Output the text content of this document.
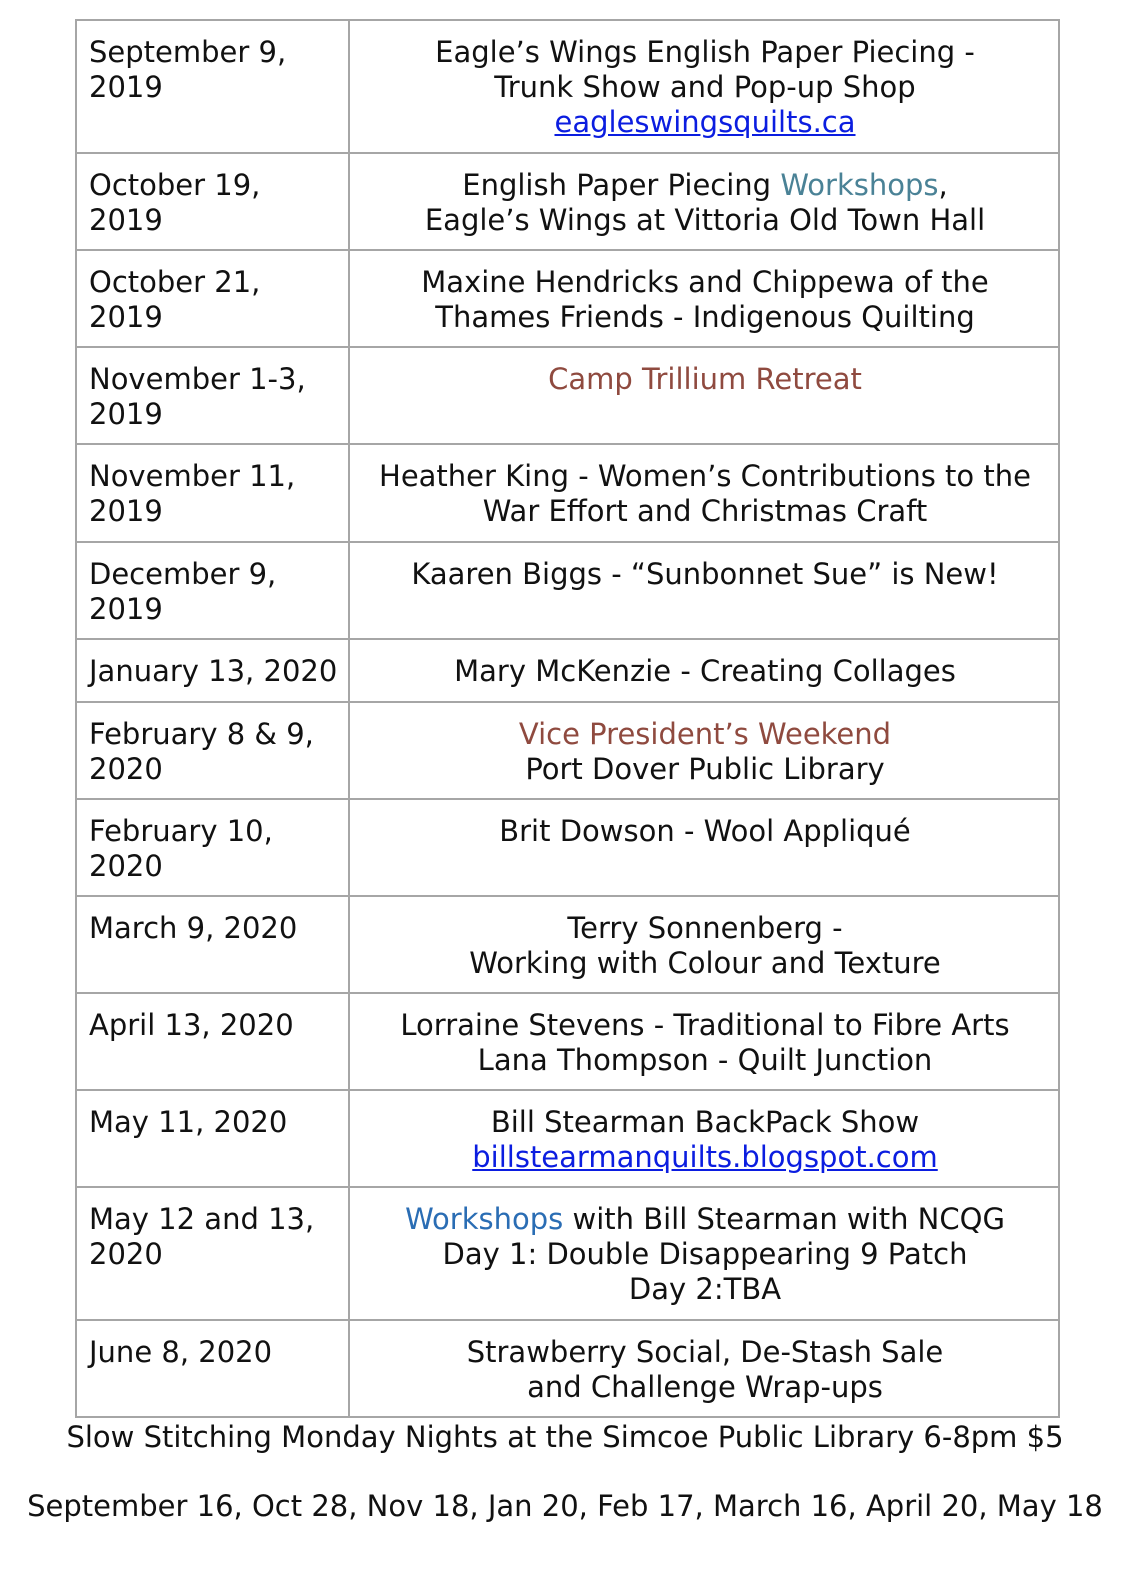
September 9, 2019	Eagle’s Wings English Paper Piecing -
Trunk Show and Pop-up Shop
eagleswingsquilts.ca

October 19, 2019	English Paper Piecing Workshops,
Eagle’s Wings at Vittoria Old Town Hall

October 21, 2019	Maxine Hendricks and Chippewa of the
Thames Friends - Indigenous Quilting

November 1-3, 2019	Camp Trillium Retreat

November 11, 2019	Heather King - Women’s Contributions to the
War Effort and Christmas Craft

December 9, 2019	Kaaren Biggs - “Sunbonnet Sue” is New!

January 13, 2020	Mary McKenzie - Creating Collages

February 8 & 9, 2020	Vice President’s Weekend
Port Dover Public Library

February 10, 2020	Brit Dowson - Wool Appliqué

March 9, 2020	Terry Sonnenberg -
Working with Colour and Texture

April 13, 2020	Lorraine Stevens - Traditional to Fibre Arts
Lana Thompson - Quilt Junction

May 11, 2020	Bill Stearman BackPack Show
billstearmanquilts.blogspot.com

May 12 and 13, 2020	Workshops with Bill Stearman with NCQG
Day 1: Double Disappearing 9 Patch
Day 2:TBA

June 8, 2020	Strawberry Social, De-Stash Sale
and Challenge Wrap-ups
Slow Stitching Monday Nights at the Simcoe Public Library 6-8pm $5
September 16, Oct 28, Nov 18, Jan 20, Feb 17, March 16, April 20, May 18
